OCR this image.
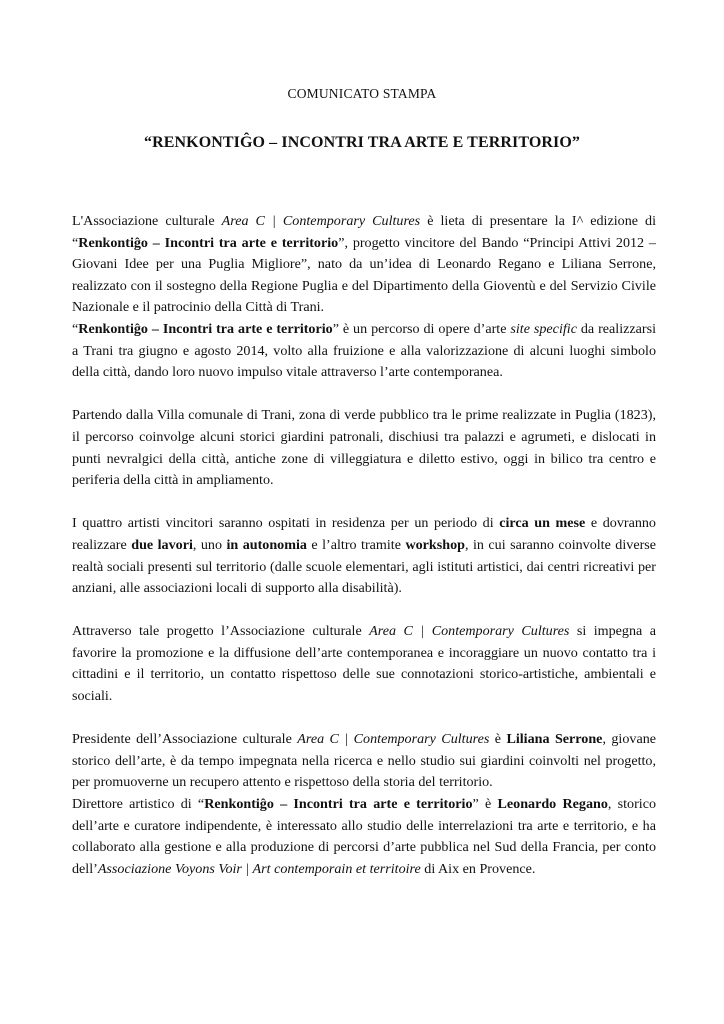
COMUNICATO STAMPA
“RENKONTIĜO – INCONTRI TRA ARTE E TERRITORIO”

L'Associazione culturale Area C | Contemporary Cultures è lieta di presentare la I^ edizione di “Renkontiĝo – Incontri tra arte e territorio”, progetto vincitore del Bando “Principi Attivi 2012 – Giovani Idee per una Puglia Migliore”, nato da un’idea di Leonardo Regano e Liliana Serrone, realizzato con il sostegno della Regione Puglia e del Dipartimento della Gioventù e del Servizio Civile Nazionale e il patrocinio della Città di Trani.

“Renkontiĝo – Incontri tra arte e territorio” è un percorso di opere d’arte site specific da realizzarsi a Trani tra giugno e agosto 2014, volto alla fruizione e alla valorizzazione di alcuni luoghi simbolo della città, dando loro nuovo impulso vitale attraverso l’arte contemporanea.

Partendo dalla Villa comunale di Trani, zona di verde pubblico tra le prime realizzate in Puglia (1823), il percorso coinvolge alcuni storici giardini patronali, dischiusi tra palazzi e agrumeti, e dislocati in punti nevralgici della città, antiche zone di villeggiatura e diletto estivo, oggi in bilico tra centro e periferia della città in ampliamento.

I quattro artisti vincitori saranno ospitati in residenza per un periodo di circa un mese e dovranno realizzare due lavori, uno in autonomia e l’altro tramite workshop, in cui saranno coinvolte diverse realtà sociali presenti sul territorio (dalle scuole elementari, agli istituti artistici, dai centri ricreativi per anziani, alle associazioni locali di supporto alla disabilità).

Attraverso tale progetto l’Associazione culturale Area C | Contemporary Cultures si impegna a favorire la promozione e la diffusione dell’arte contemporanea e incoraggiare un nuovo contatto tra i cittadini e il territorio, un contatto rispettoso delle sue connotazioni storico-artistiche, ambientali e sociali.

Presidente dell’Associazione culturale Area C | Contemporary Cultures è Liliana Serrone, giovane storico dell’arte, è da tempo impegnata nella ricerca e nello studio sui giardini coinvolti nel progetto, per promuoverne un recupero attento e rispettoso della storia del territorio.

Direttore artistico di “Renkontiĝo – Incontri tra arte e territorio” è Leonardo Regano, storico dell’arte e curatore indipendente, è interessato allo studio delle interrelazioni tra arte e territorio, e ha collaborato alla gestione e alla produzione di percorsi d’arte pubblica nel Sud della Francia, per conto dell’Associazione Voyons Voir | Art contemporain et territoire di Aix en Provence.
